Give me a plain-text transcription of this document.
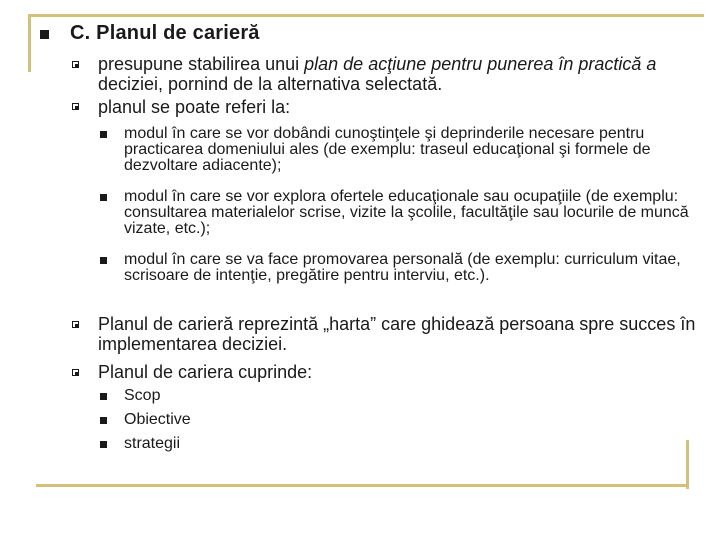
C. Planul de carieră
presupune stabilirea unui plan de acţiune pentru punerea în practică a deciziei, pornind de la alternativa selectată.
planul se poate referi la:
modul în care se vor dobândi cunoştinţele şi deprinderile necesare pentru practicarea domeniului ales (de exemplu: traseul educaţional şi formele de dezvoltare adiacente);
modul în care se vor explora ofertele educaţionale sau ocupaţiile (de exemplu: consultarea materialelor scrise, vizite la şcolile, facultăţile sau locurile de muncă vizate, etc.);
modul în care se va face promovarea personală (de exemplu: curriculum vitae, scrisoare de intenţie, pregătire pentru interviu, etc.).
Planul de carieră reprezintă „harta” care ghidează persoana spre succes în implementarea deciziei.
Planul de cariera cuprinde:
Scop
Obiective
strategii
